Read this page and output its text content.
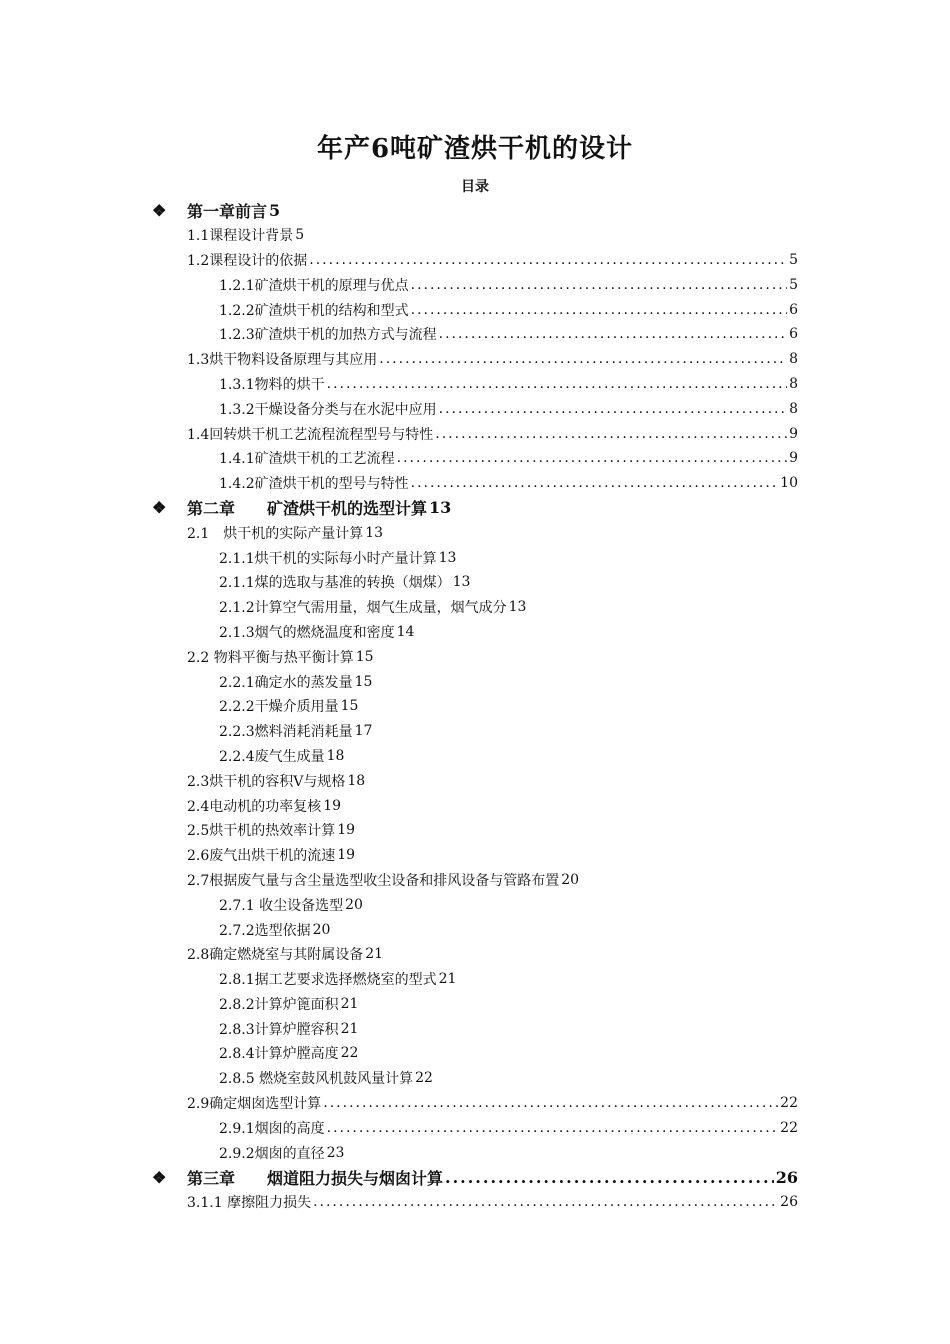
年产6吨矿渣烘干机的设计
目录
❖ 第一章前言 5
1.1课程设计背景 5
1.2课程设计的依据 .....	5
1.2.1矿渣烘干机的原理与优点 .....	5
1.2.2矿渣烘干机的结构和型式 .....	6
1.2.3矿渣烘干机的加热方式与流程 .....	6
1.3烘干物料设备原理与其应用 .....	8
1.3.1物料的烘干 .....	8
1.3.2干燥设备分类与在水泥中应用 .....	8
1.4回转烘干机工艺流程流程型号与特性 .....	9
1.4.1矿渣烘干机的工艺流程 .....	9
1.4.2矿渣烘干机的型号与特性 .....	10
❖ 第二章　　矿渣烘干机的选型计算 13
2.1　烘干机的实际产量计算 13
2.1.1烘干机的实际每小时产量计算 13
2.1.1煤的选取与基准的转换（烟煤） 13
2.1.2计算空气需用量，烟气生成量，烟气成分 13
2.1.3烟气的燃烧温度和密度 14
2.2 物料平衡与热平衡计算 15
2.2.1确定水的蒸发量 15
2.2.2干燥介质用量 15
2.2.3燃料消耗消耗量 17
2.2.4废气生成量 18
2.3烘干机的容积V与规格 18
2.4电动机的功率复核 19
2.5烘干机的热效率计算 19
2.6废气出烘干机的流速 19
2.7根据废气量与含尘量选型收尘设备和排风设备与管路布置 20
2.7.1 收尘设备选型 20
2.7.2选型依据 20
2.8确定燃烧室与其附属设备 21
2.8.1据工艺要求选择燃烧室的型式 21
2.8.2计算炉篦面积 21
2.8.3计算炉膛容积 21
2.8.4计算炉膛高度 22
2.8.5 燃烧室鼓风机鼓风量计算 22
2.9确定烟囱选型计算 .....	22
2.9.1烟囱的高度 .....	22
2.9.2烟囱的直径 23
❖ 第三章　　烟道阻力损失与烟囱计算 .....	26
3.1.1 摩擦阻力损失 .....	26
